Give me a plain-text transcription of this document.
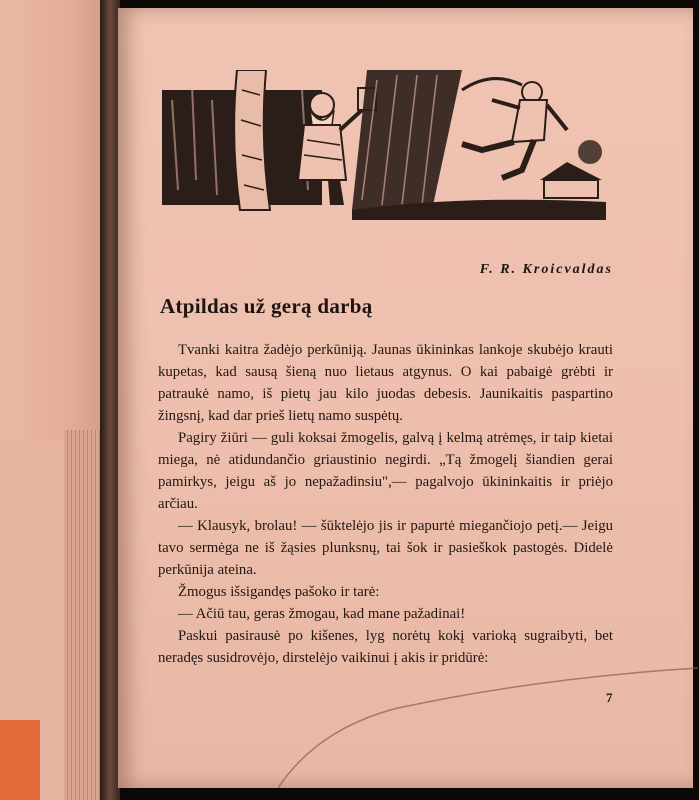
F. R. Kroicvaldas
Atpildas už gerą darbą

Tvanki kaitra žadėjo perkūniją. Jaunas ūkininkas lankoje skubėjo krauti kupetas, kad sausą šieną nuo lietaus atgynus. O kai pabaigė grėbti ir patraukė namo, iš pietų jau kilo juodas debesis. Jaunikaitis paspartino žingsnį, kad dar prieš lietų namo suspėtų.

Pagiry žiūri — guli koksai žmogelis, galvą į kelmą atrėmęs, ir taip kietai miega, nė atidundančio griaustinio negirdi. „Tą žmogelį šiandien gerai pamirkys, jeigu aš jo nepažadinsiu",— pagalvojo ūkininkaitis ir priėjo arčiau.

— Klausyk, brolau! — šūktelėjo jis ir papurtė miegančiojo petį.— Jeigu tavo sermėga ne iš žąsies plunksnų, tai šok ir pasieškok pastogės. Didelė perkūnija ateina.

Žmogus išsigandęs pašoko ir tarė:

— Ačiū tau, geras žmogau, kad mane pažadinai!

Paskui pasirausė po kišenes, lyg norėtų kokį varioką sugraibyti, bet neradęs susidrovėjo, dirstelėjo vaikinui į akis ir pridūrė:

7
